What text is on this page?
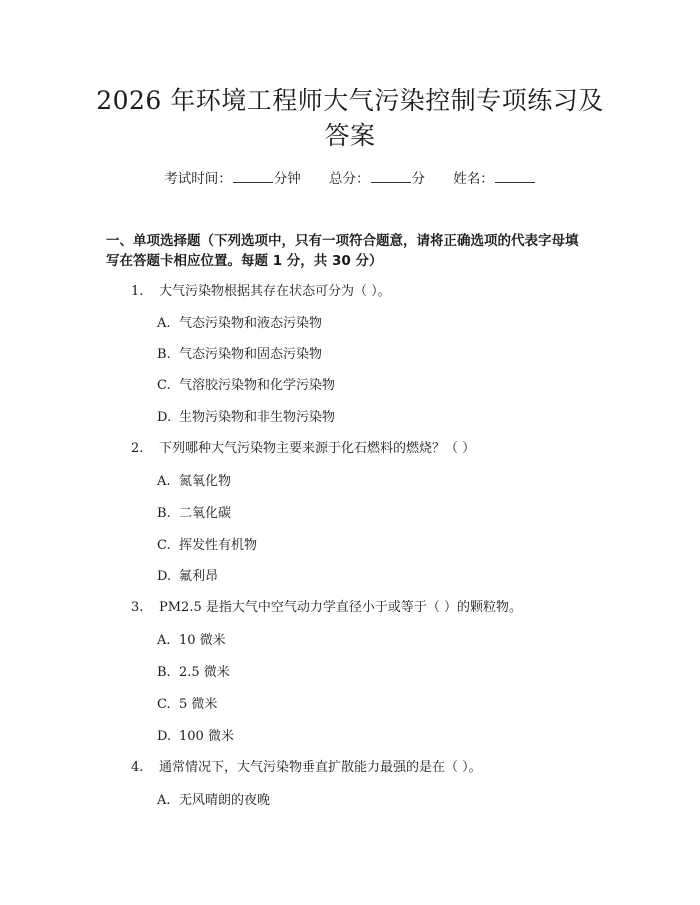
2026 年环境工程师大气污染控制专项练习及
答案
考试时间：	分钟 总分：	分 姓名：
一、单项选择题（下列选项中，只有一项符合题意，请将正确选项的代表字母填
写在答题卡相应位置。每题 1 分，共 30 分）
1. 大气污染物根据其存在状态可分为（ ）。
A. 气态污染物和液态污染物
B. 气态污染物和固态污染物
C. 气溶胶污染物和化学污染物
D. 生物污染物和非生物污染物
2. 下列哪种大气污染物主要来源于化石燃料的燃烧？（ ）
A. 氮氧化物
B. 二氧化碳
C. 挥发性有机物
D. 氟利昂
3. PM2.5 是指大气中空气动力学直径小于或等于（ ）的颗粒物。
A. 10 微米
B. 2.5 微米
C. 5 微米
D. 100 微米
4. 通常情况下，大气污染物垂直扩散能力最强的是在（ ）。
A. 无风晴朗的夜晚
